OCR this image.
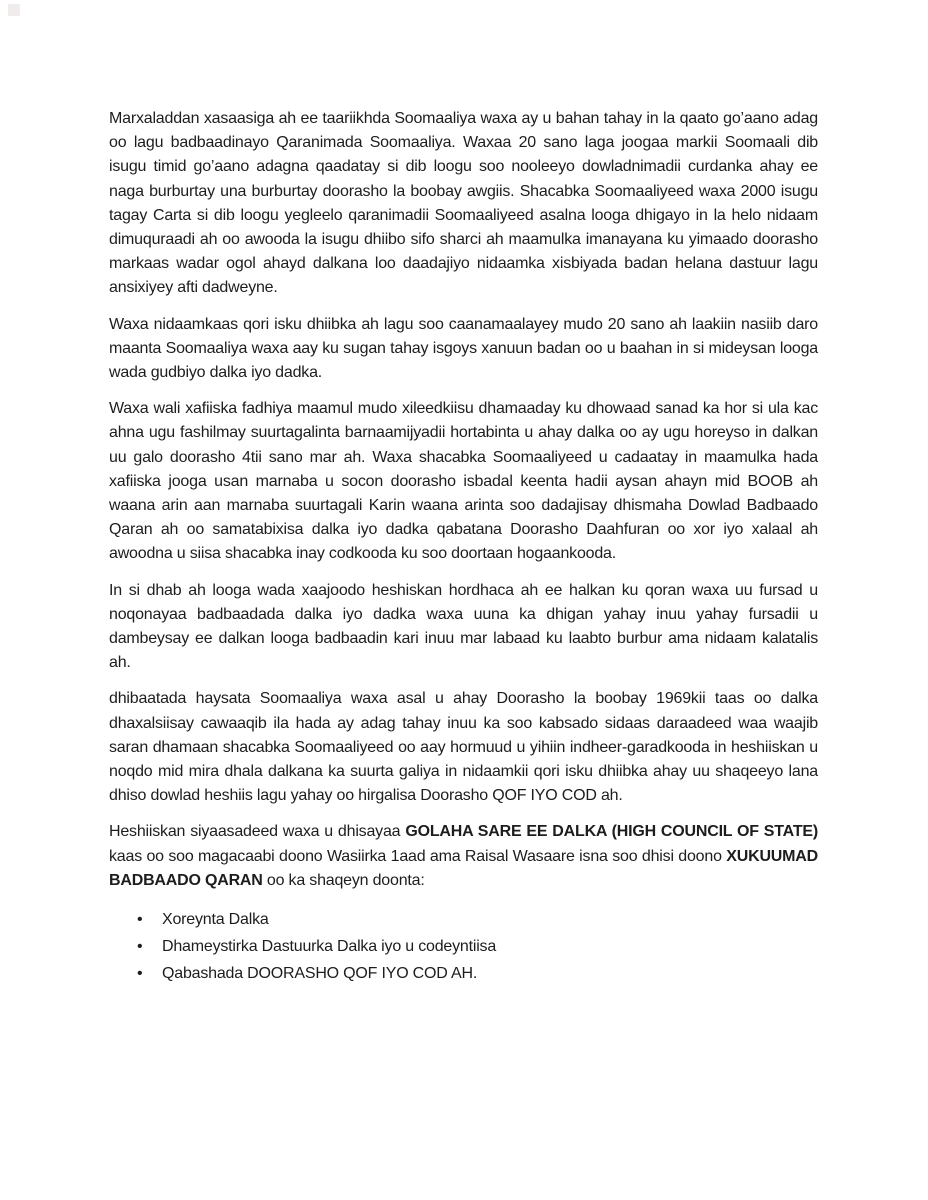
Marxaladdan xasaasiga ah ee taariikhda Soomaaliya waxa ay u bahan tahay in la qaato go’aano adag oo lagu badbaadinayo Qaranimada Soomaaliya. Waxaa 20 sano laga joogaa markii Soomaali dib isugu timid go’aano adagna qaadatay si dib loogu soo nooleeyo dowladnimadii curdanka ahay ee naga burburtay una burburtay doorasho la boobay awgiis. Shacabka Soomaaliyeed waxa 2000 isugu tagay Carta si dib loogu yegleelo qaranimadii Soomaaliyeed asalna looga dhigayo in la helo nidaam dimuquraadi ah oo awooda la isugu dhiibo sifo sharci ah maamulka imanayana ku yimaado doorasho markaas wadar ogol ahayd dalkana loo daadajiyo nidaamka xisbiyada badan helana dastuur lagu ansixiyey afti dadweyne.

Waxa nidaamkaas qori isku dhiibka ah lagu soo caanamaalayey mudo 20 sano ah laakiin nasiib daro maanta Soomaaliya waxa aay ku sugan tahay isgoys xanuun badan oo u baahan in si mideysan looga wada gudbiyo dalka iyo dadka.

Waxa wali xafiiska fadhiya maamul mudo xileedkiisu dhamaaday ku dhowaad sanad ka hor si ula kac ahna ugu fashilmay suurtagalinta barnaamijyadii hortabinta u ahay dalka oo ay ugu horeyso in dalkan uu galo doorasho 4tii sano mar ah. Waxa shacabka Soomaaliyeed u cadaatay in maamulka hada xafiiska jooga usan marnaba u socon doorasho isbadal keenta hadii aysan ahayn mid BOOB ah waana arin aan marnaba suurtagali Karin waana arinta soo dadajisay dhismaha Dowlad Badbaado Qaran ah oo samatabixisa dalka iyo dadka qabatana Doorasho Daahfuran oo xor iyo xalaal ah awoodna u siisa shacabka inay codkooda ku soo doortaan hogaankooda.

In si dhab ah looga wada xaajoodo heshiskan hordhaca ah ee halkan ku qoran waxa uu fursad u noqonayaa badbaadada dalka iyo dadka waxa uuna ka dhigan yahay inuu yahay fursadii u dambeysay ee dalkan looga badbaadin kari inuu mar labaad ku laabto burbur ama nidaam kalatalis ah.

dhibaatada haysata Soomaaliya waxa asal u ahay Doorasho la boobay 1969kii taas oo dalka dhaxalsiisay cawaaqib ila hada ay adag tahay inuu ka soo kabsado sidaas daraadeed waa waajib saran dhamaan shacabka Soomaaliyeed oo aay hormuud u yihiin indheer-garadkooda in heshiiskan u noqdo mid mira dhala dalkana ka suurta galiya in nidaamkii qori isku dhiibka ahay uu shaqeeyo lana dhiso dowlad heshiis lagu yahay oo hirgalisa Doorasho QOF IYO COD ah.

Heshiiskan siyaasadeed waxa u dhisayaa GOLAHA SARE EE DALKA (HIGH COUNCIL OF STATE) kaas oo soo magacaabi doono Wasiirka 1aad ama Raisal Wasaare isna soo dhisi doono XUKUUMAD BADBAADO QARAN oo ka shaqeyn doonta:

• Xoreynta Dalka
• Dhameystirka Dastuurka Dalka iyo u codeyntiisa
• Qabashada DOORASHO QOF IYO COD AH.
